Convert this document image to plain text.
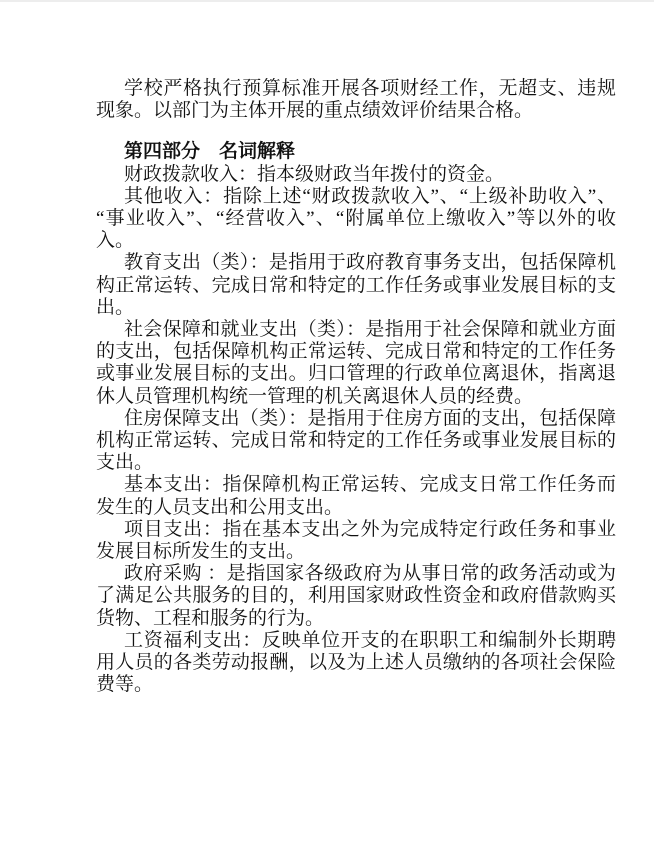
学校严格执行预算标准开展各项财经工作，无超支、违规现象。以部门为主体开展的重点绩效评价结果合格。

第四部分　名词解释

财政拨款收入：指本级财政当年拨付的资金。

其他收入：指除上述“财政拨款收入”、“上级补助收入”、“事业收入”、“经营收入”、“附属单位上缴收入”等以外的收入。

教育支出（类）：是指用于政府教育事务支出，包括保障机构正常运转、完成日常和特定的工作任务或事业发展目标的支出。

社会保障和就业支出（类）：是指用于社会保障和就业方面的支出，包括保障机构正常运转、完成日常和特定的工作任务或事业发展目标的支出。归口管理的行政单位离退休，指离退休人员管理机构统一管理的机关离退休人员的经费。

住房保障支出（类）：是指用于住房方面的支出，包括保障机构正常运转、完成日常和特定的工作任务或事业发展目标的支出。

基本支出：指保障机构正常运转、完成支日常工作任务而发生的人员支出和公用支出。

项目支出：指在基本支出之外为完成特定行政任务和事业发展目标所发生的支出。

政府采购 ：是指国家各级政府为从事日常的政务活动或为了满足公共服务的目的，利用国家财政性资金和政府借款购买货物、工程和服务的行为。

工资福利支出：反映单位开支的在职职工和编制外长期聘用人员的各类劳动报酬，以及为上述人员缴纳的各项社会保险费等。
